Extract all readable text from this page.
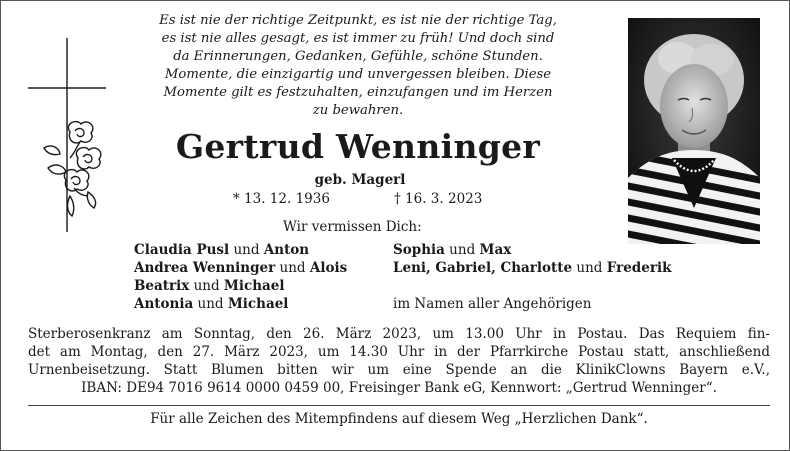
Es ist nie der richtige Zeitpunkt, es ist nie der richtige Tag,
es ist nie alles gesagt, es ist immer zu früh! Und doch sind
da Erinnerungen, Gedanken, Gefühle, schöne Stunden.
Momente, die einzigartig und unvergessen bleiben. Diese
Momente gilt es festzuhalten, einzufangen und im Herzen
zu bewahren.
Gertrud Wenninger
geb. Magerl
* 13. 12. 1936	† 16. 3. 2023
Wir vermissen Dich:
Claudia Pusl und Anton
Andrea Wenninger und Alois
Beatrix und Michael
Antonia und Michael
Sophia und Max
Leni, Gabriel, Charlotte und Frederik
im Namen aller Angehörigen
Sterberosenkranz am Sonntag, den 26. März 2023, um 13.00 Uhr in Postau. Das Requiem fin-
det am Montag, den 27. März 2023, um 14.30 Uhr in der Pfarrkirche Postau statt, anschließend
Urnenbeisetzung. Statt Blumen bitten wir um eine Spende an die KlinikClowns Bayern e.V.,
IBAN: DE94 7016 9614 0000 0459 00, Freisinger Bank eG, Kennwort: „Gertrud Wenninger“.
Für alle Zeichen des Mitempfindens auf diesem Weg „Herzlichen Dank“.
